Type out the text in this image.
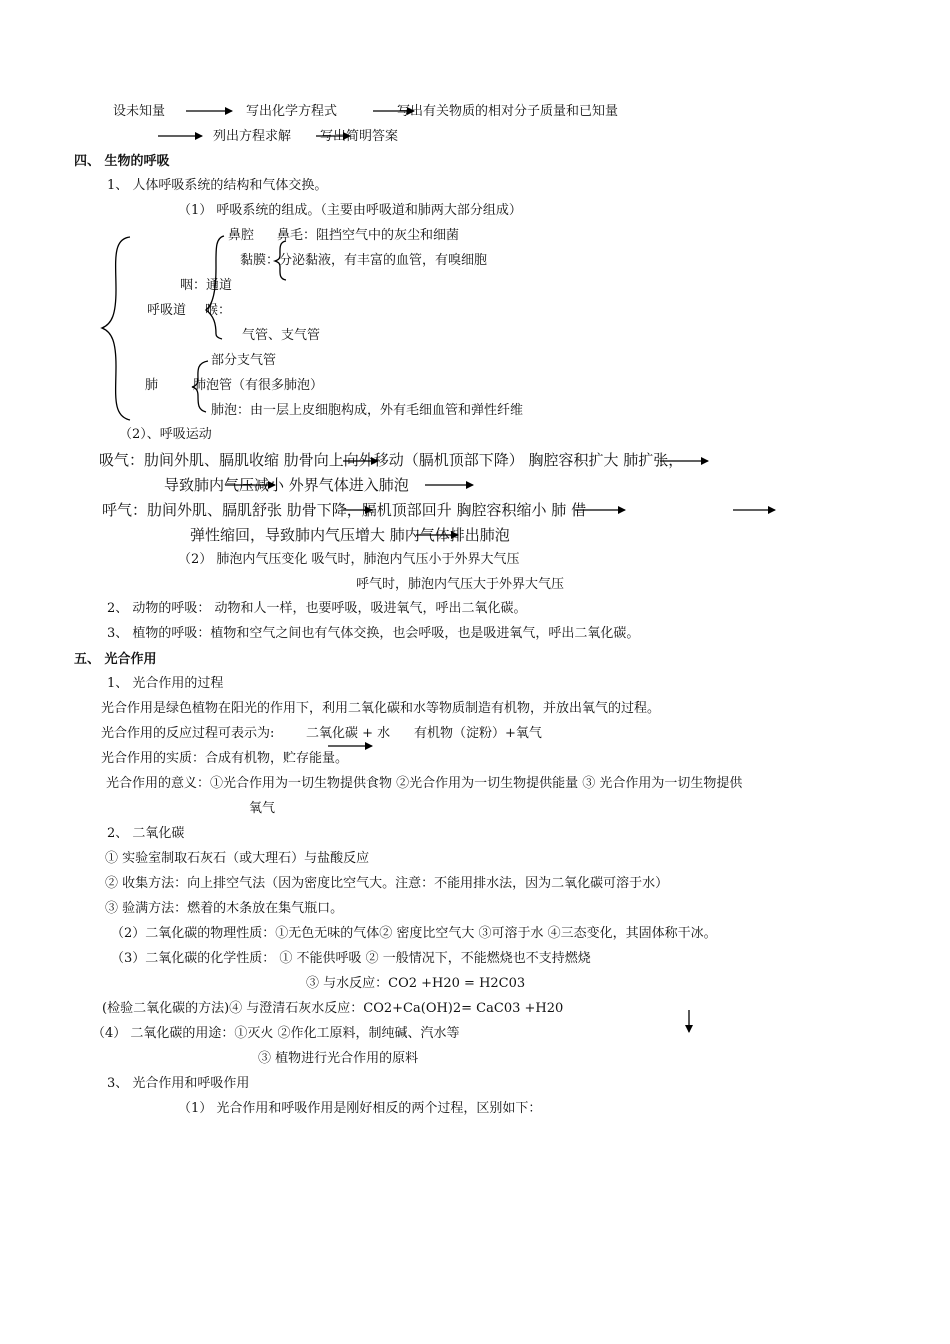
设未知量	写出化学方程式	写出有关物质的相对分子质量和已知量
列出方程求解 写出简明答案
四、 生物的呼吸
1、 人体呼吸系统的结构和气体交换。
（1） 呼吸系统的组成。（主要由呼吸道和肺两大部分组成）
鼻腔 鼻毛：阻挡空气中的灰尘和细菌
黏膜：分泌黏液，有丰富的血管，有嗅细胞
咽：通道
呼吸道 喉：
气管、支气管
部分支气管
肺	肺泡管（有很多肺泡）
肺泡：由一层上皮细胞构成，外有毛细血管和弹性纤维
（2）、呼吸运动
吸气：肋间外肌、膈肌收缩 肋骨向上向外移动（膈机顶部下降） 胸腔容积扩大 肺扩张，
导致肺内气压减小 外界气体进入肺泡
呼气：肋间外肌、膈肌舒张 肋骨下降，膈机顶部回升 胸腔容积缩小 肺 借
弹性缩回，导致肺内气压增大 肺内气体排出肺泡
（2） 肺泡内气压变化 吸气时，肺泡内气压小于外界大气压
呼气时，肺泡内气压大于外界大气压
2、 动物的呼吸： 动物和人一样，也要呼吸，吸进氧气，呼出二氧化碳。
3、 植物的呼吸：植物和空气之间也有气体交换，也会呼吸，也是吸进氧气，呼出二氧化碳。
五、 光合作用
1、 光合作用的过程
光合作用是绿色植物在阳光的作用下，利用二氧化碳和水等物质制造有机物，并放出氧气的过程。
光合作用的反应过程可表示为: 二氧化碳 + 水 有机物（淀粉）+氧气
光合作用的实质：合成有机物，贮存能量。
光合作用的意义：①光合作用为一切生物提供食物 ②光合作用为一切生物提供能量 ③ 光合作用为一切生物提供
氧气
2、 二氧化碳
① 实验室制取石灰石（或大理石）与盐酸反应
② 收集方法：向上排空气法（因为密度比空气大。注意：不能用排水法，因为二氧化碳可溶于水）
③ 验满方法：燃着的木条放在集气瓶口。
（2）二氧化碳的物理性质：①无色无味的气体② 密度比空气大 ③可溶于水 ④三态变化，其固体称干冰。
（3）二氧化碳的化学性质： ① 不能供呼吸 ② 一般情况下，不能燃烧也不支持燃烧
③ 与水反应：CO2 +H20 = H2C03
(检验二氧化碳的方法)④ 与澄清石灰水反应：CO2+Ca(OH)2= CaC03 +H20
（4） 二氧化碳的用途：①灭火 ②作化工原料，制纯碱、汽水等
③ 植物进行光合作用的原料
3、 光合作用和呼吸作用
（1） 光合作用和呼吸作用是刚好相反的两个过程，区别如下：
